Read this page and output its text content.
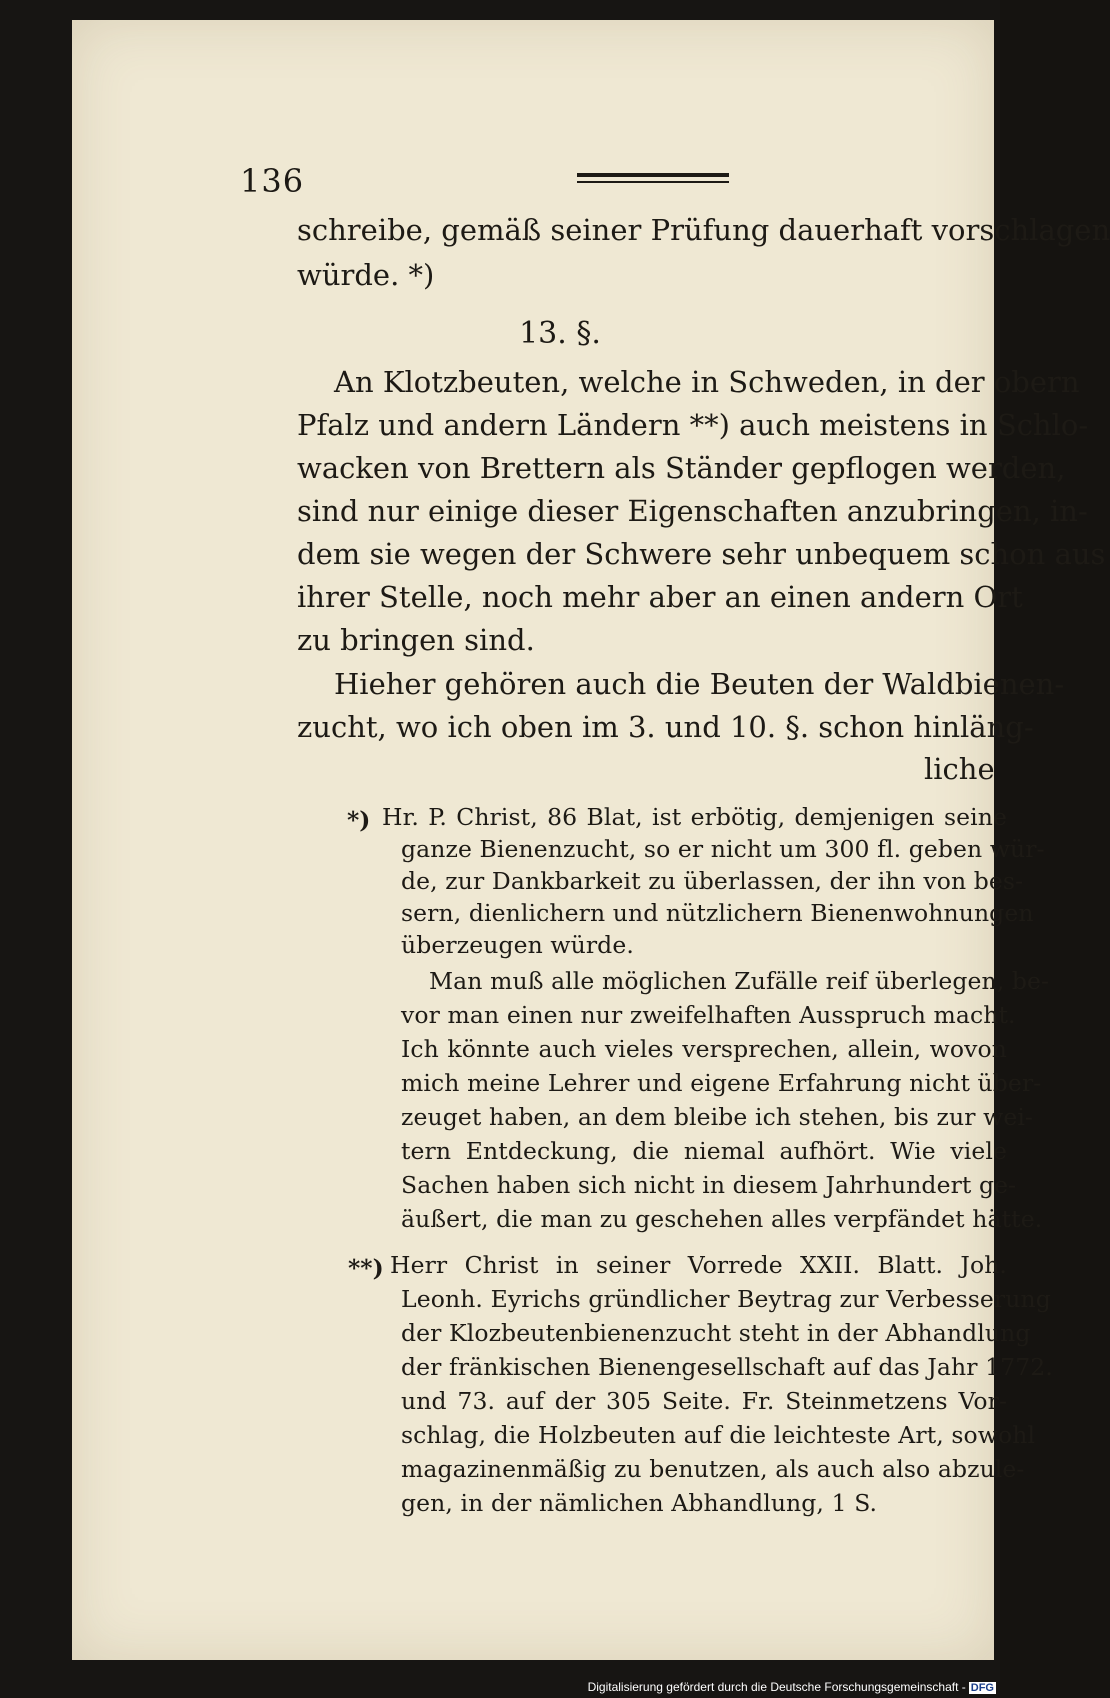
136
schreibe, gemäß seiner Prüfung dauerhaft vorschlagen
würde. *)
13. §.
An Klotzbeuten, welche in Schweden, in der obern
Pfalz und andern Ländern **) auch meistens in Schlo-
wacken von Brettern als Ständer gepflogen werden,
sind nur einige dieser Eigenschaften anzubringen, in-
dem sie wegen der Schwere sehr unbequem schon aus
ihrer Stelle, noch mehr aber an einen andern Ort
zu bringen sind.
Hieher gehören auch die Beuten der Waldbienen-
zucht, wo ich oben im 3. und 10. §. schon hinläng-
liche
*) Hr. P. Christ, 86 Blat, ist erbötig, demjenigen seine
ganze Bienenzucht, so er nicht um 300 fl. geben wür-
de, zur Dankbarkeit zu überlassen, der ihn von bes-
sern, dienlichern und nützlichern Bienenwohnungen
überzeugen würde.
Man muß alle möglichen Zufälle reif überlegen, be-
vor man einen nur zweifelhaften Ausspruch macht.
Ich könnte auch vieles versprechen, allein, wovon
mich meine Lehrer und eigene Erfahrung nicht über-
zeuget haben, an dem bleibe ich stehen, bis zur wei-
tern Entdeckung, die niemal aufhört. Wie viele
Sachen haben sich nicht in diesem Jahrhundert ge-
äußert, die man zu geschehen alles verpfändet hätte.
**) Herr Christ in seiner Vorrede XXII. Blatt. Joh.
Leonh. Eyrichs gründlicher Beytrag zur Verbesserung
der Klozbeutenbienenzucht steht in der Abhandlung
der fränkischen Bienengesellschaft auf das Jahr 1772.
und 73. auf der 305 Seite. Fr. Steinmetzens Vor-
schlag, die Holzbeuten auf die leichteste Art, sowohl
magazinenmäßig zu benutzen, als auch also abzule-
gen, in der nämlichen Abhandlung, 1 S.
Digitalisierung gefördert durch die Deutsche Forschungsgemeinschaft - DFG
